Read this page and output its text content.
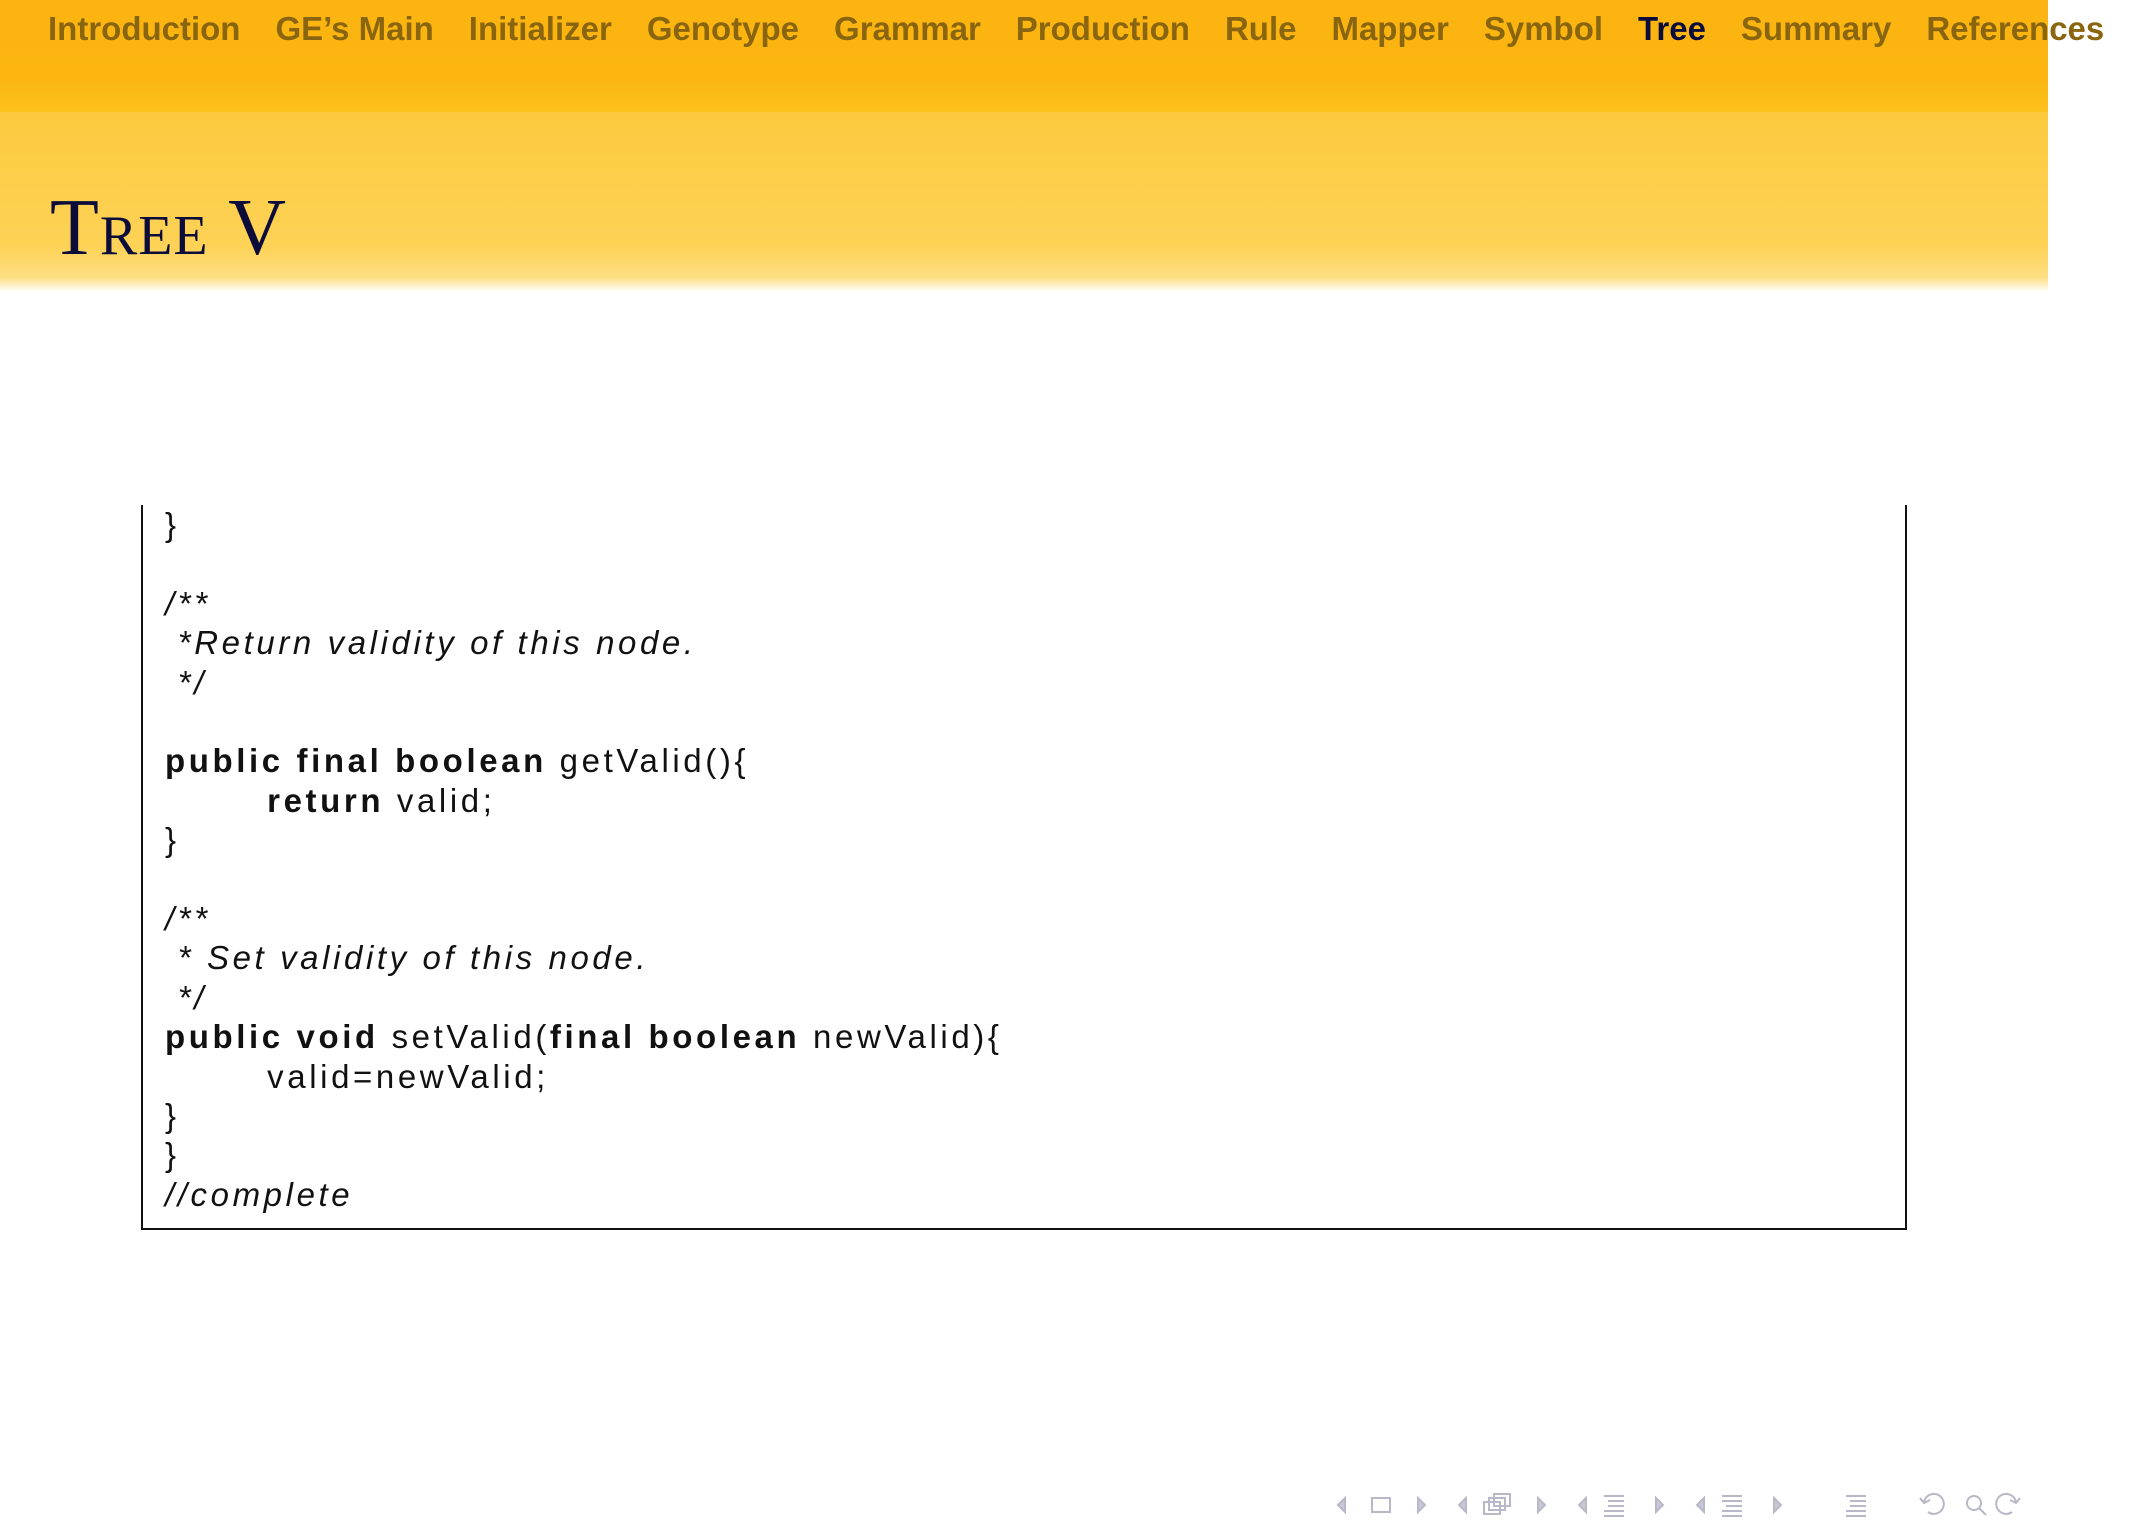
Introduction GE’s Main Initializer Genotype Grammar Production Rule Mapper Symbol Tree Summary References
Tree V
}
/**
*Return validity of this node.
*/
public final boolean getValid(){
return valid;
}
/**
* Set validity of this node.
*/
public void setValid(final boolean newValid){
valid=newValid;
}
}
//complete
